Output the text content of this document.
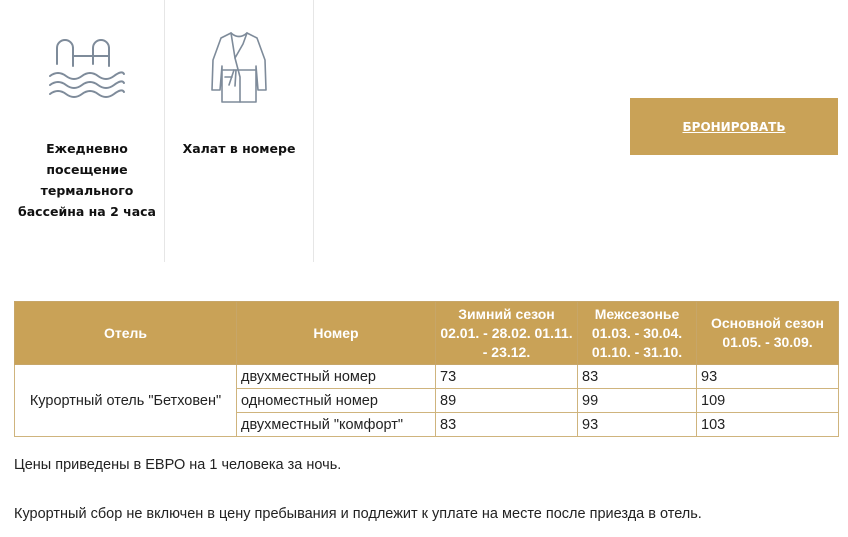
Ежедневно посещение термального бассейна на 2 часа
Халат в номере
БРОНИРОВАТЬ
Отель	Номер	Зимний сезон 02.01. - 28.02. 01.11. - 23.12.	Межсезонье 01.03. - 30.04. 01.10. - 31.10.	Основной сезон 01.05. - 30.09.
Курортный отель "Бетховен"	двухместный номер	73	83	93
	одноместный номер	89	99	109
	двухместный "комфорт"	83	93	103
Цены приведены в ЕВРО на 1 человека за ночь.
Курортный сбор не включен в цену пребывания и подлежит к уплате на месте после приезда в отель.
